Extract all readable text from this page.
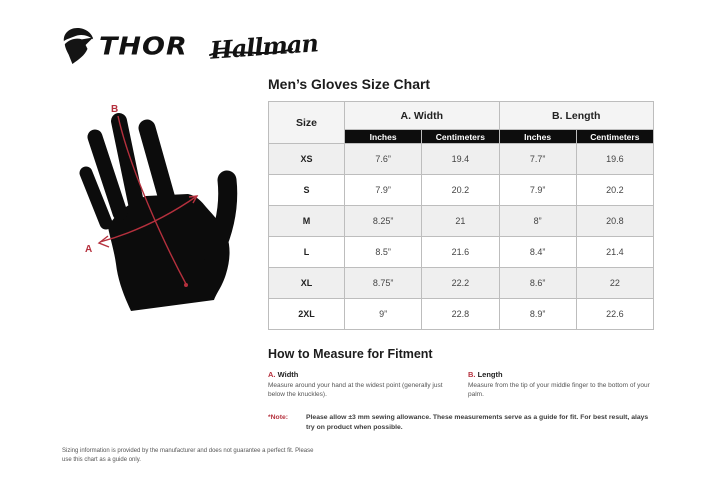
THOR Hallman
B
A
Men’s Gloves Size Chart
Size	A. Width		B. Length	
	Inches	Centimeters	Inches	Centimeters
XS	7.6”	19.4	7.7”	19.6
S	7.9”	20.2	7.9”	20.2
M	8.25”	21	8”	20.8
L	8.5”	21.6	8.4”	21.4
XL	8.75”	22.2	8.6”	22
2XL	9”	22.8	8.9”	22.6
How to Measure for Fitment
A. Width
Measure around your hand at the widest point (generally just below the knuckles).
B. Length
Measure from the tip of your middle finger to the bottom of your palm.
*Note:	Please allow ±3 mm sewing allowance. These measurements serve as a guide for fit. For best result, alays try on product when possible.
Sizing information is provided by the manufacturer and does not guarantee a perfect fit. Please use this chart as a guide only.
